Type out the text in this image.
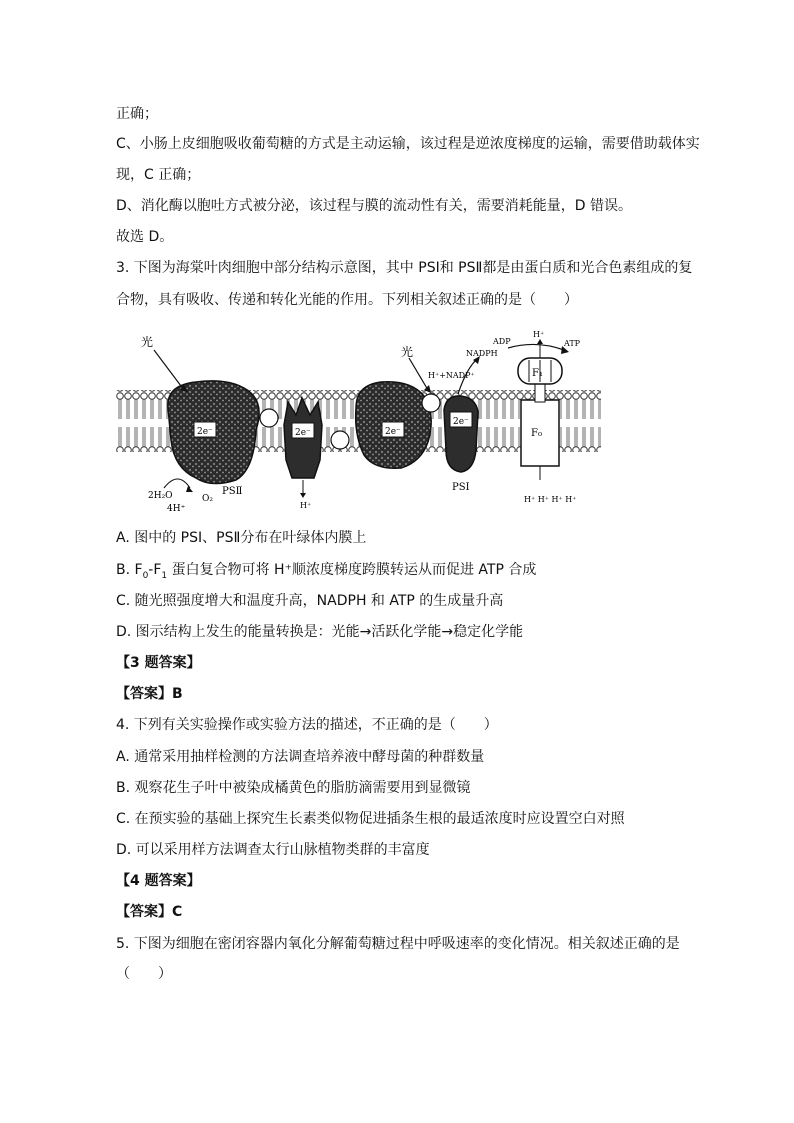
正确；
C、小肠上皮细胞吸收葡萄糖的方式是主动运输，该过程是逆浓度梯度的运输，需要借助载体实
现，C 正确；
D、消化酶以胞吐方式被分泌，该过程与膜的流动性有关，需要消耗能量，D 错误。
故选 D。
3. 下图为海棠叶肉细胞中部分结构示意图，其中 PSⅠ和 PSⅡ都是由蛋白质和光合色素组成的复
合物，具有吸收、传递和转化光能的作用。下列相关叙述正确的是（　　）
2e⁻	2e⁻	2e⁻
2e⁻
F₀
F₁
光
光
2H₂O
4H⁺
O₂
PSⅡ
H⁺
PSⅠ
NADPH
H⁺+NADP⁺
ADP	ATP
H⁺
H⁺ H⁺ H⁺ H⁺
A. 图中的 PSⅠ、PSⅡ分布在叶绿体内膜上
B. $F_0-F_1$ 蛋白复合物可将 H⁺顺浓度梯度跨膜转运从而促进 ATP 合成
C. 随光照强度增大和温度升高，NADPH 和 ATP 的生成量升高
D. 图示结构上发生的能量转换是：光能→活跃化学能→稳定化学能
【3 题答案】
【答案】B
4. 下列有关实验操作或实验方法的描述，不正确的是（　　）
A. 通常采用抽样检测的方法调查培养液中酵母菌的种群数量
B. 观察花生子叶中被染成橘黄色的脂肪滴需要用到显微镜
C. 在预实验的基础上探究生长素类似物促进插条生根的最适浓度时应设置空白对照
D. 可以采用样方法调查太行山脉植物类群的丰富度
【4 题答案】
【答案】C
5. 下图为细胞在密闭容器内氧化分解葡萄糖过程中呼吸速率的变化情况。相关叙述正确的是
（　　）
